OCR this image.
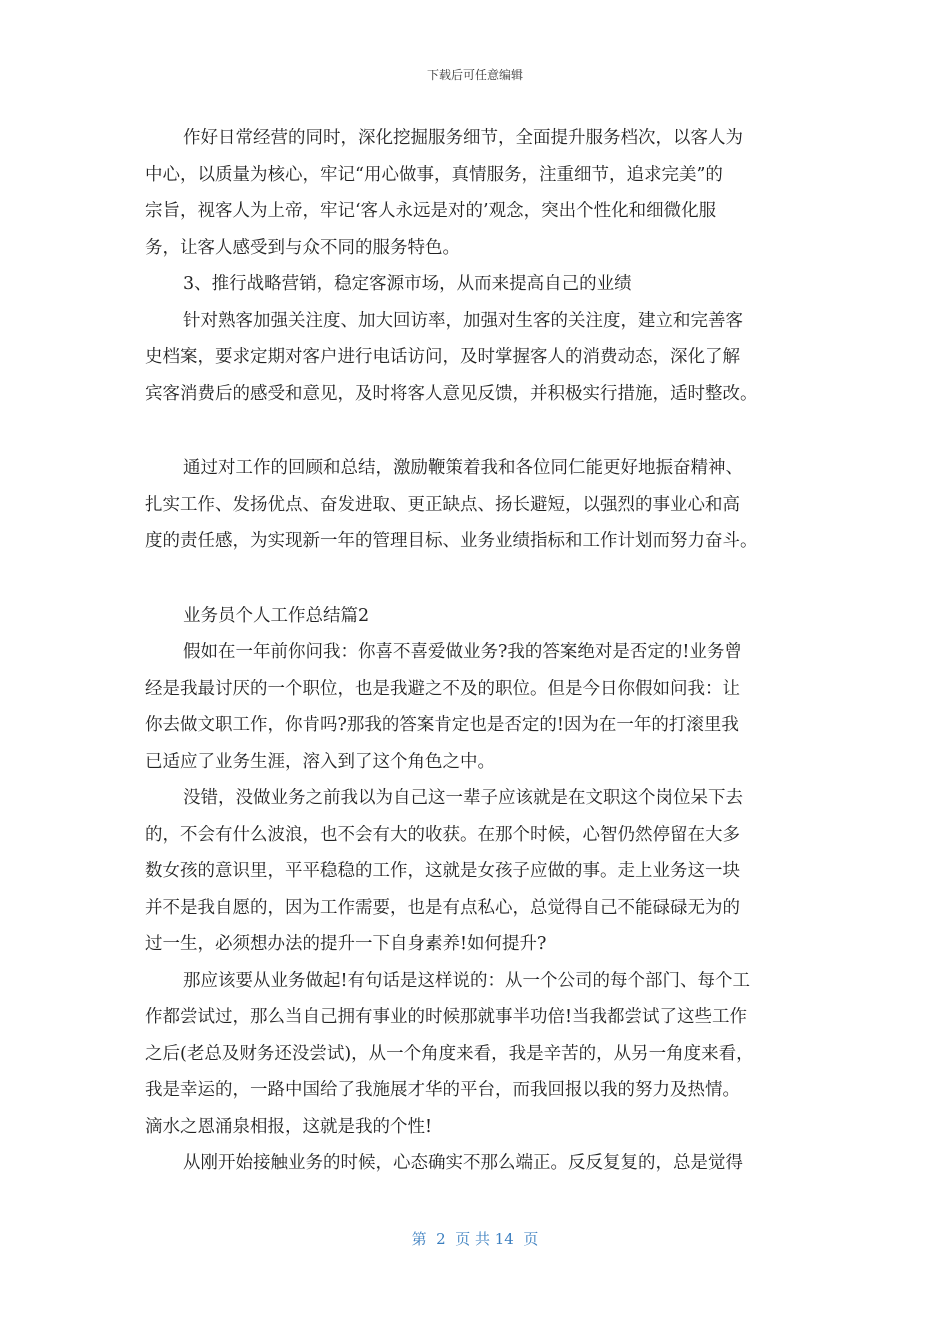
下载后可任意编辑
作好日常经营的同时，深化挖掘服务细节，全面提升服务档次，以客人为
中心，以质量为核心，牢记“用心做事，真情服务，注重细节，追求完美”的
宗旨，视客人为上帝，牢记‘客人永远是对的’观念，突出个性化和细微化服
务，让客人感受到与众不同的服务特色。
3、推行战略营销，稳定客源市场，从而来提高自己的业绩
针对熟客加强关注度、加大回访率，加强对生客的关注度，建立和完善客
史档案，要求定期对客户进行电话访问，及时掌握客人的消费动态，深化了解
宾客消费后的感受和意见，及时将客人意见反馈，并积极实行措施，适时整改。
通过对工作的回顾和总结，激励鞭策着我和各位同仁能更好地振奋精神、
扎实工作、发扬优点、奋发进取、更正缺点、扬长避短，以强烈的事业心和高
度的责任感，为实现新一年的管理目标、业务业绩指标和工作计划而努力奋斗。
业务员个人工作总结篇2
假如在一年前你问我：你喜不喜爱做业务?我的答案绝对是否定的!业务曾
经是我最讨厌的一个职位，也是我避之不及的职位。但是今日你假如问我：让
你去做文职工作，你肯吗?那我的答案肯定也是否定的!因为在一年的打滚里我
已适应了业务生涯，溶入到了这个角色之中。
没错，没做业务之前我以为自己这一辈子应该就是在文职这个岗位呆下去
的，不会有什么波浪，也不会有大的收获。在那个时候，心智仍然停留在大多
数女孩的意识里，平平稳稳的工作，这就是女孩子应做的事。走上业务这一块
并不是我自愿的，因为工作需要，也是有点私心，总觉得自己不能碌碌无为的
过一生，必须想办法的提升一下自身素养!如何提升?
那应该要从业务做起!有句话是这样说的：从一个公司的每个部门、每个工
作都尝试过，那么当自己拥有事业的时候那就事半功倍!当我都尝试了这些工作
之后(老总及财务还没尝试)，从一个角度来看，我是辛苦的，从另一角度来看，
我是幸运的，一路中国给了我施展才华的平台，而我回报以我的努力及热情。
滴水之恩涌泉相报，这就是我的个性!
从刚开始接触业务的时候，心态确实不那么端正。反反复复的，总是觉得
第  2  页 共 14  页
